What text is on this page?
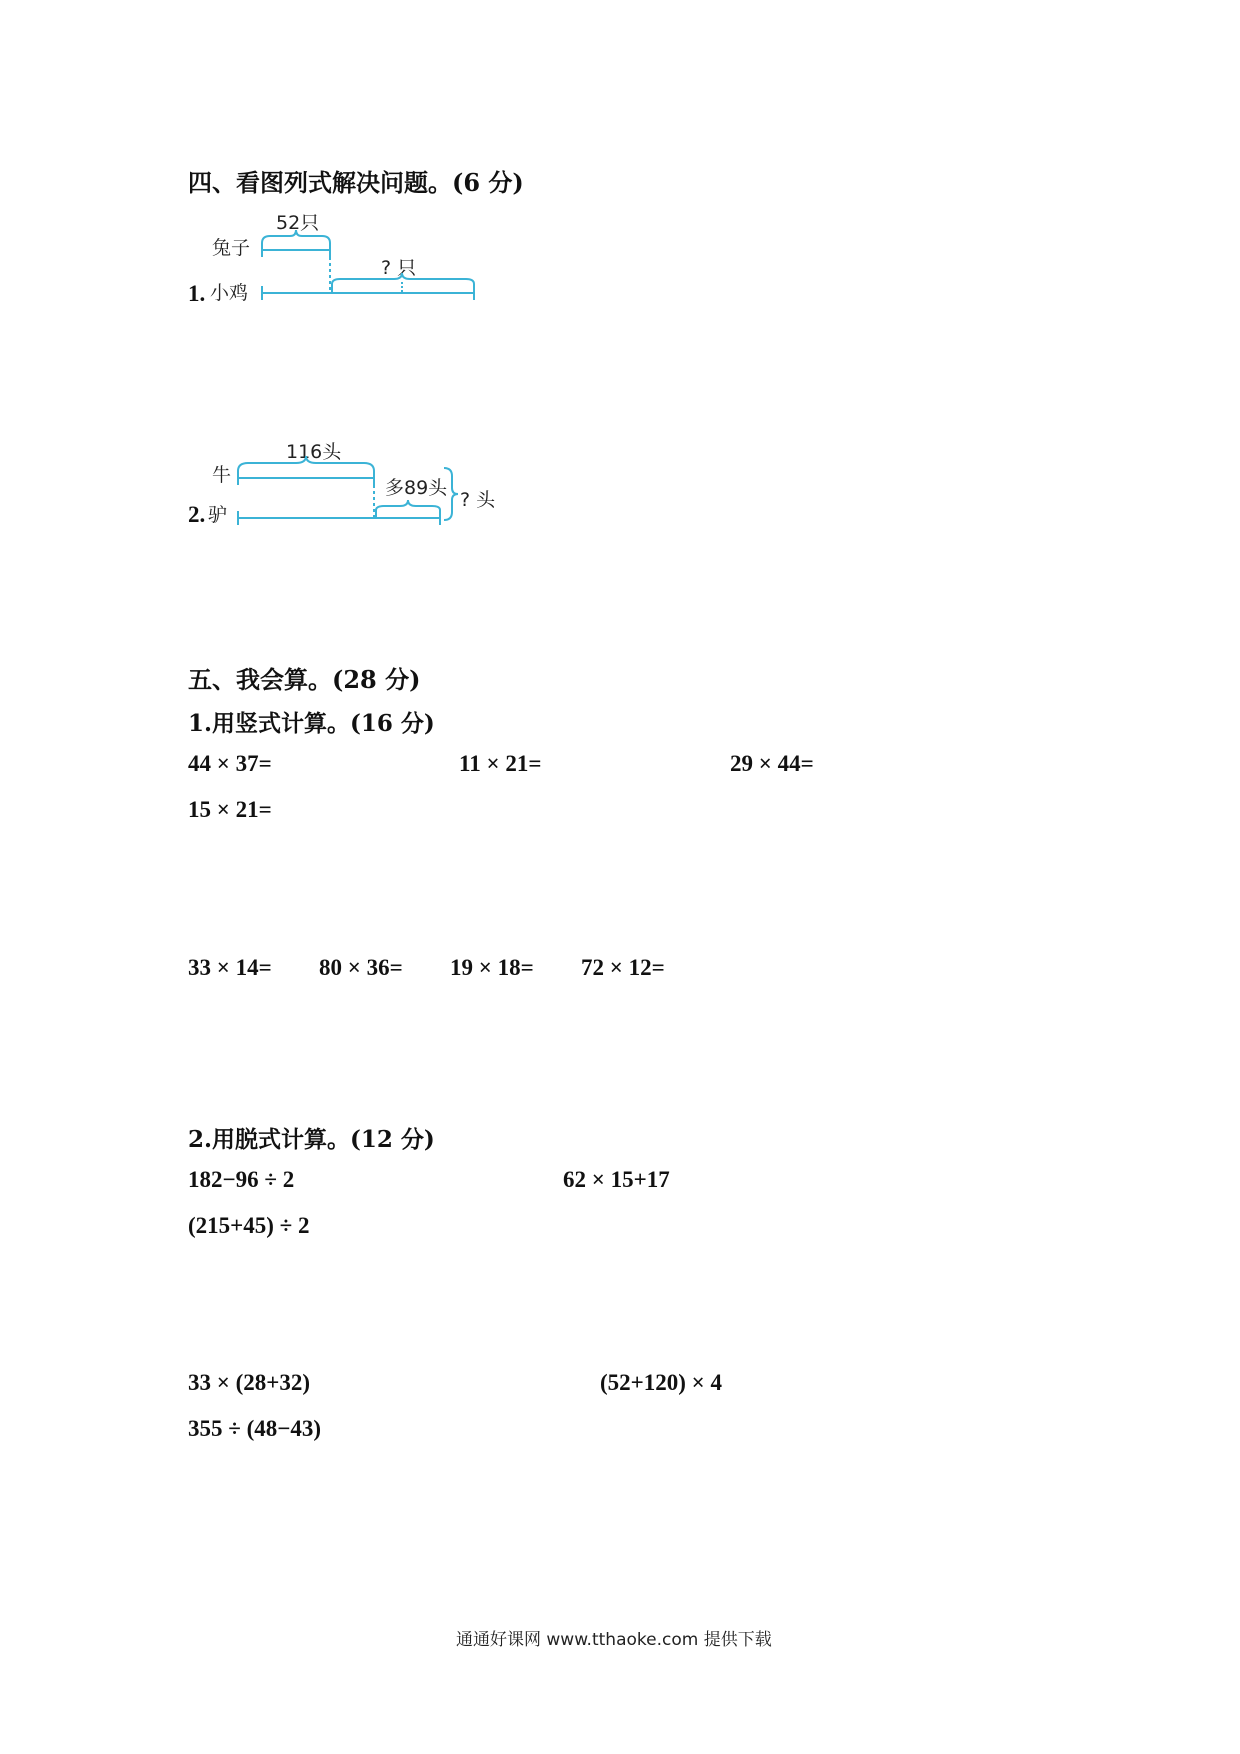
四、看图列式解决问题。(6 分)
1.
兔子
小鸡
52只
? 只
2.
牛
驴
116头
多89头
? 头
五、我会算。(28 分)
1.用竖式计算。(16 分)
44 × 37=	11 × 21=	29 × 44=
15 × 21=
33 × 14= 80 × 36= 19 × 18= 72 × 12=
2.用脱式计算。(12 分)
182−96 ÷ 2	62 × 15+17
(215+45) ÷ 2
33 × (28+32)	(52+120) × 4
355 ÷ (48−43)
通通好课网 www.tthaoke.com 提供下载
